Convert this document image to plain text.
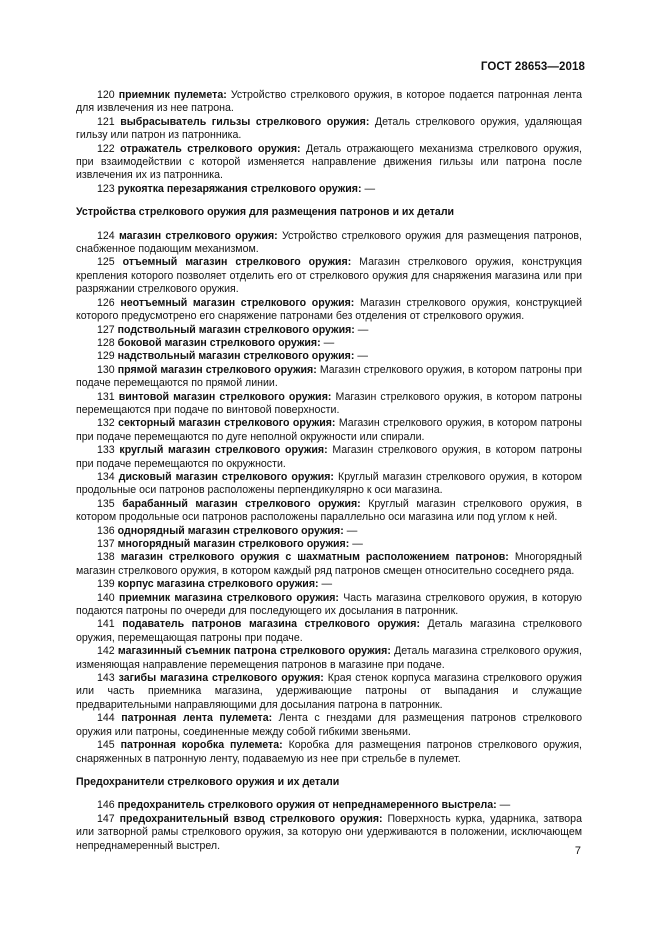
ГОСТ 28653—2018

120 приемник пулемета: Устройство стрелкового оружия, в которое подается патронная лента для извлечения из нее патрона.

121 выбрасыватель гильзы стрелкового оружия: Деталь стрелкового оружия, удаляющая гильзу или патрон из патронника.

122 отражатель стрелкового оружия: Деталь отражающего механизма стрелкового оружия, при взаимодействии с которой изменяется направление движения гильзы или патрона после извлечения их из патронника.

123 рукоятка перезаряжания стрелкового оружия: —

Устройства стрелкового оружия для размещения патронов и их детали

124 магазин стрелкового оружия: Устройство стрелкового оружия для размещения патронов, снабженное подающим механизмом.

125 отъемный магазин стрелкового оружия: Магазин стрелкового оружия, конструкция крепления которого позволяет отделить его от стрелкового оружия для снаряжения магазина или при разряжании стрелкового оружия.

126 неотъемный магазин стрелкового оружия: Магазин стрелкового оружия, конструкцией которого предусмотрено его снаряжение патронами без отделения от стрелкового оружия.

127 подствольный магазин стрелкового оружия: —

128 боковой магазин стрелкового оружия: —

129 надствольный магазин стрелкового оружия: —

130 прямой магазин стрелкового оружия: Магазин стрелкового оружия, в котором патроны при подаче перемещаются по прямой линии.

131 винтовой магазин стрелкового оружия: Магазин стрелкового оружия, в котором патроны перемещаются при подаче по винтовой поверхности.

132 секторный магазин стрелкового оружия: Магазин стрелкового оружия, в котором патроны при подаче перемещаются по дуге неполной окружности или спирали.

133 круглый магазин стрелкового оружия: Магазин стрелкового оружия, в котором патроны при подаче перемещаются по окружности.

134 дисковый магазин стрелкового оружия: Круглый магазин стрелкового оружия, в котором продольные оси патронов расположены перпендикулярно к оси магазина.

135 барабанный магазин стрелкового оружия: Круглый магазин стрелкового оружия, в котором продольные оси патронов расположены параллельно оси магазина или под углом к ней.

136 однорядный магазин стрелкового оружия: —

137 многорядный магазин стрелкового оружия: —

138 магазин стрелкового оружия с шахматным расположением патронов: Многорядный магазин стрелкового оружия, в котором каждый ряд патронов смещен относительно соседнего ряда.

139 корпус магазина стрелкового оружия: —

140 приемник магазина стрелкового оружия: Часть магазина стрелкового оружия, в которую подаются патроны по очереди для последующего их досылания в патронник.

141 подаватель патронов магазина стрелкового оружия: Деталь магазина стрелкового оружия, перемещающая патроны при подаче.

142 магазинный съемник патрона стрелкового оружия: Деталь магазина стрелкового оружия, изменяющая направление перемещения патронов в магазине при подаче.

143 загибы магазина стрелкового оружия: Края стенок корпуса магазина стрелкового оружия или часть приемника магазина, удерживающие патроны от выпадания и служащие предварительными направляющими для досылания патрона в патронник.

144 патронная лента пулемета: Лента с гнездами для размещения патронов стрелкового оружия или патроны, соединенные между собой гибкими звеньями.

145 патронная коробка пулемета: Коробка для размещения патронов стрелкового оружия, снаряженных в патронную ленту, подаваемую из нее при стрельбе в пулемет.

Предохранители стрелкового оружия и их детали

146 предохранитель стрелкового оружия от непреднамеренного выстрела: —

147 предохранительный взвод стрелкового оружия: Поверхность курка, ударника, затвора или затворной рамы стрелкового оружия, за которую они удерживаются в положении, исключающем непреднамеренный выстрел.	7
